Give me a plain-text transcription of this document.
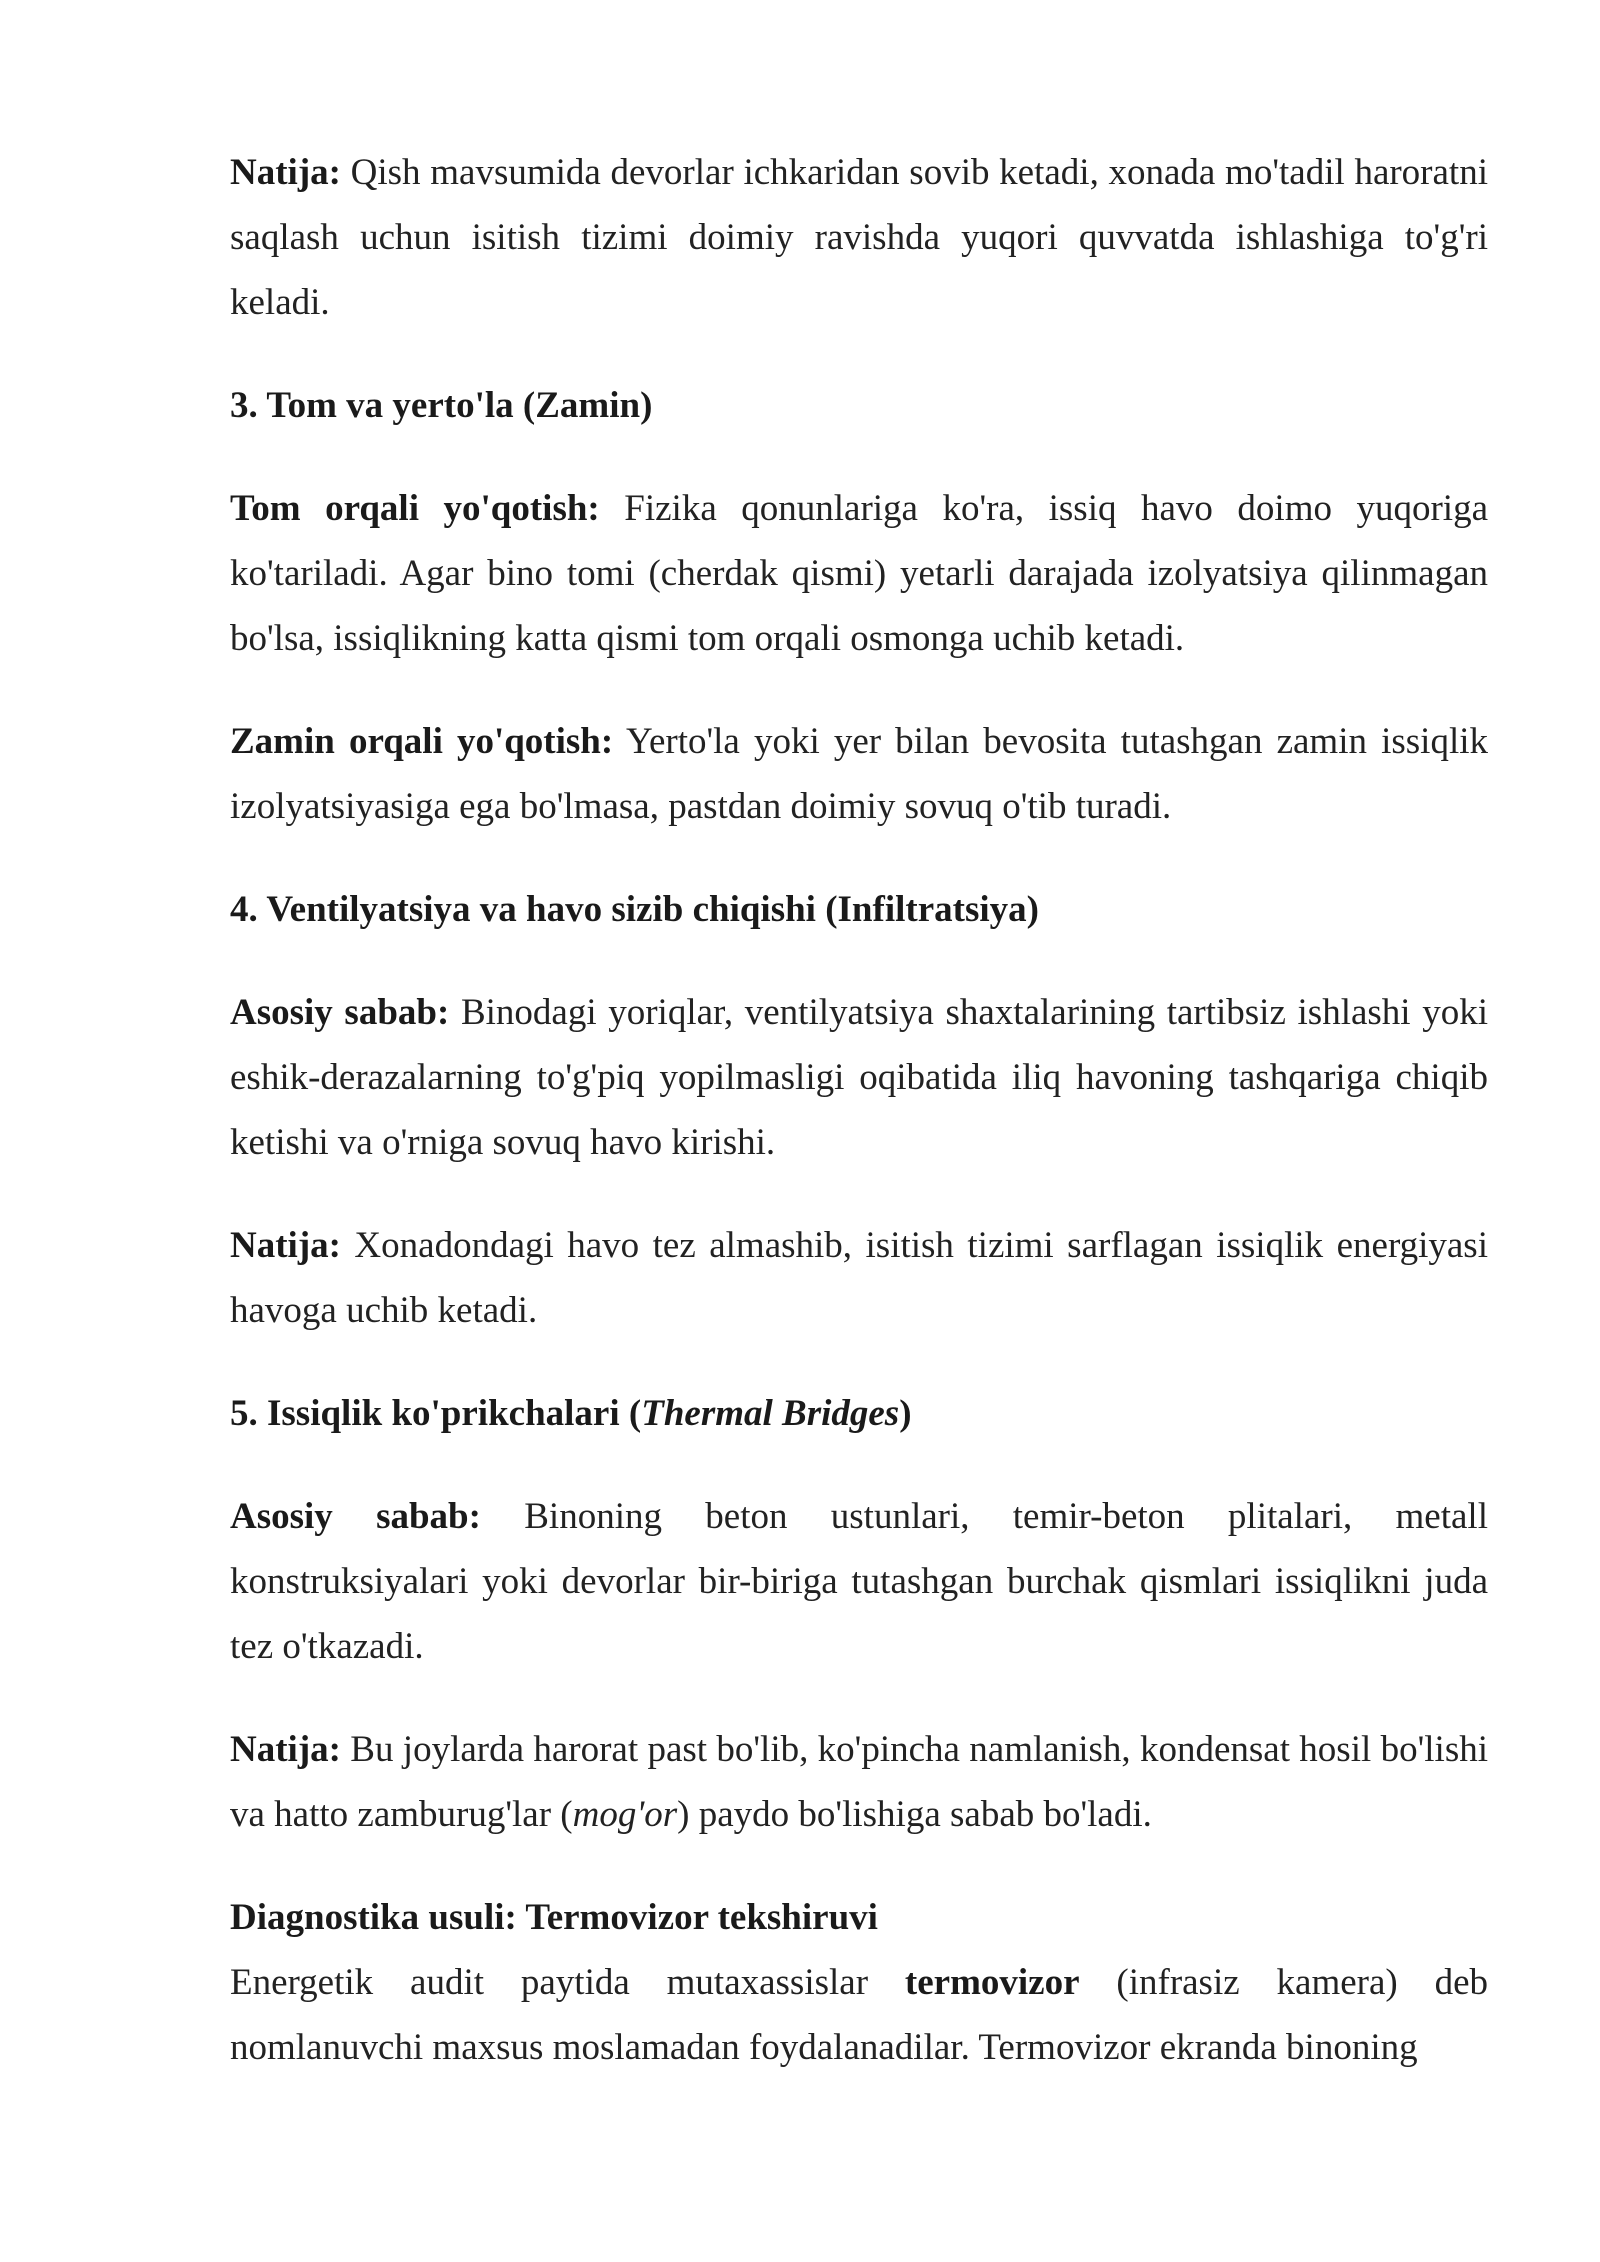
Natija: Qish mavsumida devorlar ichkaridan sovib ketadi, xonada mo'tadil haroratni saqlash uchun isitish tizimi doimiy ravishda yuqori quvvatda ishlashiga to'g'ri keladi.

3. Tom va yerto'la (Zamin)

Tom orqali yo'qotish: Fizika qonunlariga ko'ra, issiq havo doimo yuqoriga ko'tariladi. Agar bino tomi (cherdak qismi) yetarli darajada izolyatsiya qilinmagan bo'lsa, issiqlikning katta qismi tom orqali osmonga uchib ketadi.

Zamin orqali yo'qotish: Yerto'la yoki yer bilan bevosita tutashgan zamin issiqlik izolyatsiyasiga ega bo'lmasa, pastdan doimiy sovuq o'tib turadi.

4. Ventilyatsiya va havo sizib chiqishi (Infiltratsiya)

Asosiy sabab: Binodagi yoriqlar, ventilyatsiya shaxtalarining tartibsiz ishlashi yoki eshik-derazalarning to'g'piq yopilmasligi oqibatida iliq havoning tashqariga chiqib ketishi va o'rniga sovuq havo kirishi.

Natija: Xonadondagi havo tez almashib, isitish tizimi sarflagan issiqlik energiyasi havoga uchib ketadi.

5. Issiqlik ko'prikchalari (Thermal Bridges)

Asosiy sabab: Binoning beton ustunlari, temir-beton plitalari, metall konstruksiyalari yoki devorlar bir-biriga tutashgan burchak qismlari issiqlikni juda tez o'tkazadi.

Natija: Bu joylarda harorat past bo'lib, ko'pincha namlanish, kondensat hosil bo'lishi va hatto zamburug'lar (mog'or) paydo bo'lishiga sabab bo'ladi.

Diagnostika usuli: Termovizor tekshiruvi

Energetik audit paytida mutaxassislar termovizor (infrasiz kamera) deb nomlanuvchi maxsus moslamadan foydalanadilar. Termovizor ekranda binoning
